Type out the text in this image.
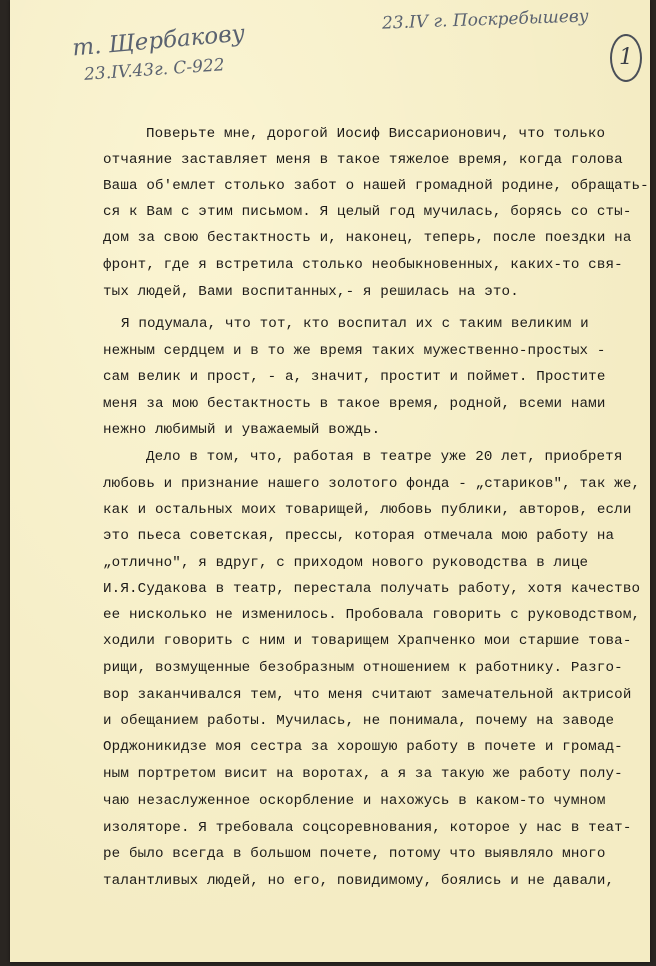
т. Щербакову
23.IV.43г. С-922
23.IV г. Поскребышеву
1
Поверьте мне, дорогой Иосиф Виссарионович, что только
отчаяние заставляет меня в такое тяжелое время, когда голова
Ваша об'емлет столько забот о нашей громадной родине, обращать-
ся к Вам с этим письмом. Я целый год мучилась, борясь со сты-
дом за свою бестактность и, наконец, теперь, после поездки на
фронт, где я встретила столько необыкновенных, каких-то свя-
тых людей, Вами воспитанных,- я решилась на это.
Я подумала, что тот, кто воспитал их с таким великим и
нежным сердцем и в то же время таких мужественно-простых -
сам велик и прост, - а, значит, простит и поймет. Простите
меня за мою бестактность в такое время, родной, всеми нами
нежно любимый и уважаемый вождь.
Дело в том, что, работая в театре уже 20 лет, приобретя
любовь и признание нашего золотого фонда - „стариков", так же,
как и остальных моих товарищей, любовь публики, авторов, если
это пьеса советская, прессы, которая отмечала мою работу на
„отлично", я вдруг, с приходом нового руководства в лице
И.Я.Судакова в театр, перестала получать работу, хотя качество
ее нисколько не изменилось. Пробовала говорить с руководством,
ходили говорить с ним и товарищем Храпченко мои старшие това-
рищи, возмущенные безобразным отношением к работнику. Разго-
вор заканчивался тем, что меня считают замечательной актрисой
и обещанием работы. Мучилась, не понимала, почему на заводе
Орджоникидзе моя сестра за хорошую работу в почете и громад-
ным портретом висит на воротах, а я за такую же работу полу-
чаю незаслуженное оскорбление и нахожусь в каком-то чумном
изоляторе. Я требовала соцсоревнования, которое у нас в теат-
ре было всегда в большом почете, потому что выявляло много
талантливых людей, но его, повидимому, боялись и не давали,
